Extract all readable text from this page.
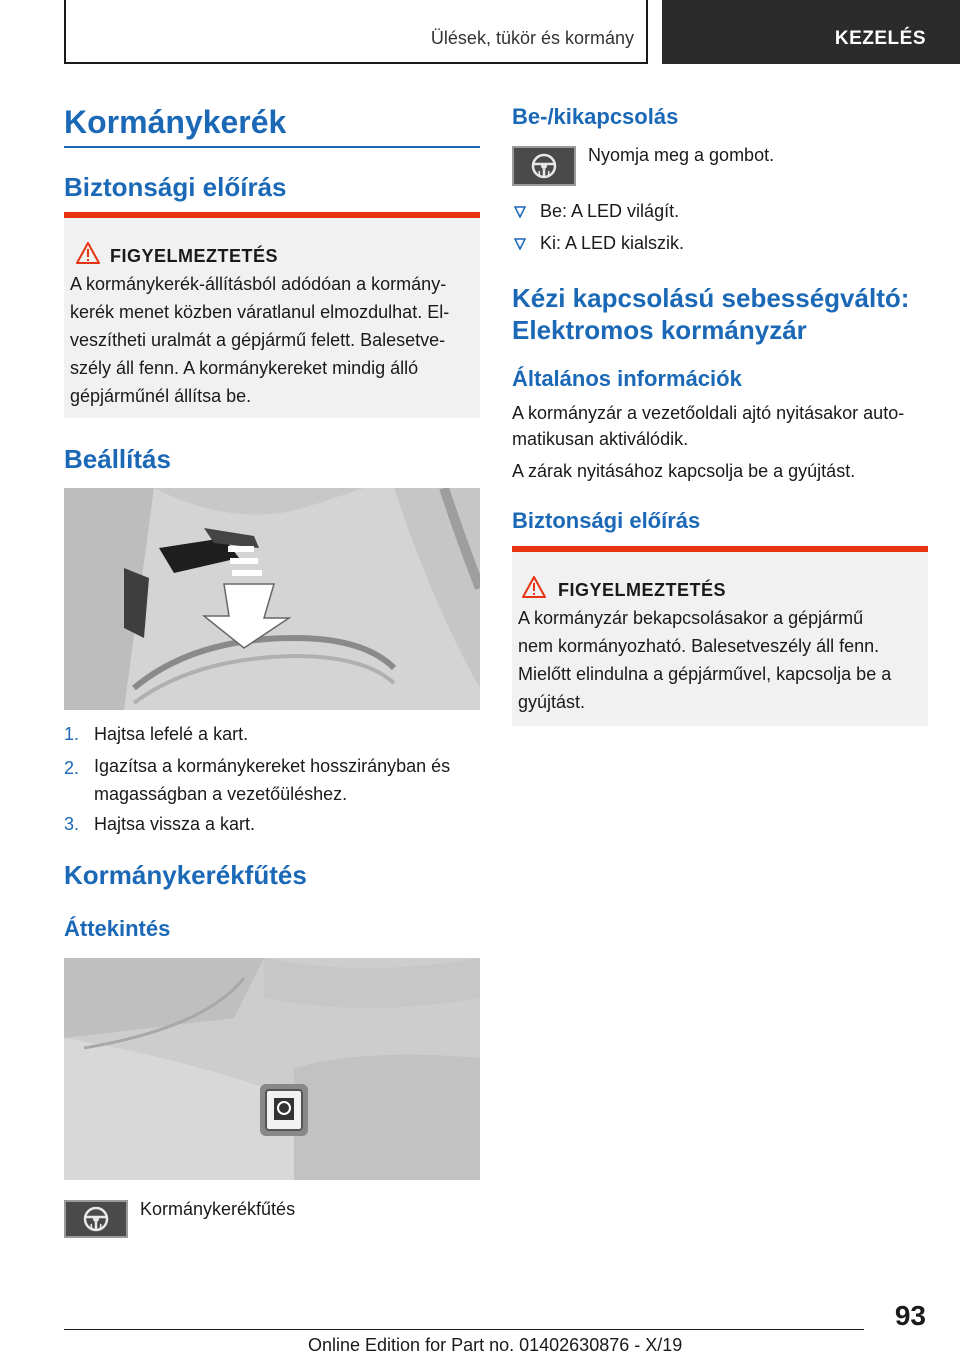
Ülések, tükör és kormány	KEZELÉS
Kormánykerék
Biztonsági előírás
FIGYELMEZTETÉS
A kormánykerék-állításból adódóan a kormány-
kerék menet közben váratlanul elmozdulhat. El-
veszítheti uralmát a gépjármű felett. Balesetve-
szély áll fenn. A kormánykereket mindig álló
gépjárműnél állítsa be.
Beállítás
1. Hajtsa lefelé a kart.
2. Igazítsa a kormánykereket hosszirányban és
magasságban a vezetőüléshez.
3. Hajtsa vissza a kart.
Kormánykerékfűtés
Áttekintés
Kormánykerékfűtés
Be-/kikapcsolás
Nyomja meg a gombot.
Be: A LED világít.
Ki: A LED kialszik.
Kézi kapcsolású sebességváltó:
Elektromos kormányzár
Általános információk
A kormányzár a vezetőoldali ajtó nyitásakor auto-
matikusan aktiválódik.
A zárak nyitásához kapcsolja be a gyújtást.
Biztonsági előírás
FIGYELMEZTETÉS
A kormányzár bekapcsolásakor a gépjármű
nem kormányozható. Balesetveszély áll fenn.
Mielőtt elindulna a gépjárművel, kapcsolja be a
gyújtást.
93
Online Edition for Part no. 01402630876 - X/19
